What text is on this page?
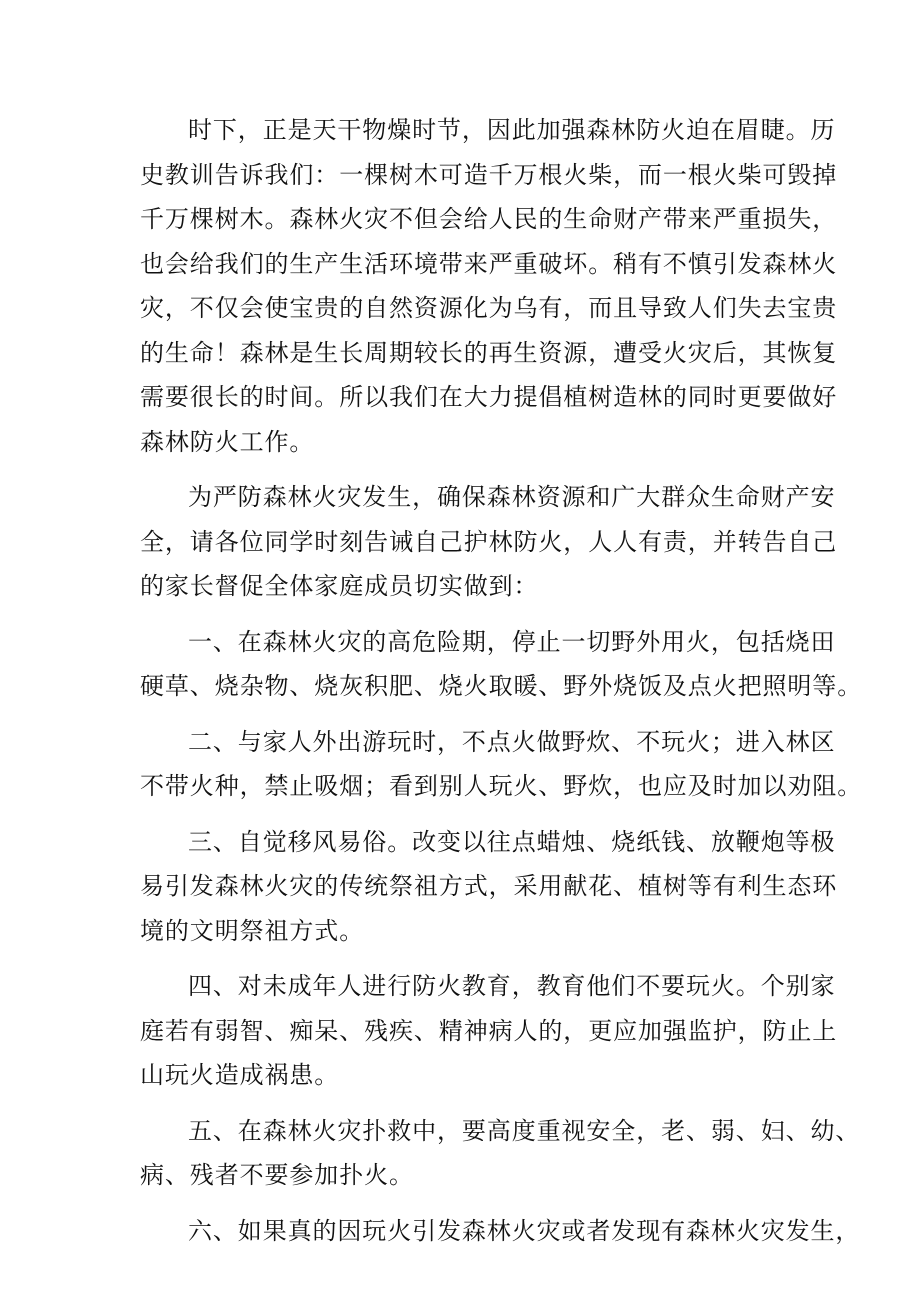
时下，正是天干物燥时节，因此加强森林防火迫在眉睫。历
史教训告诉我们：一棵树木可造千万根火柴，而一根火柴可毁掉
千万棵树木。森林火灾不但会给人民的生命财产带来严重损失，
也会给我们的生产生活环境带来严重破坏。稍有不慎引发森林火
灾，不仅会使宝贵的自然资源化为乌有，而且导致人们失去宝贵
的生命！森林是生长周期较长的再生资源，遭受火灾后，其恢复
需要很长的时间。所以我们在大力提倡植树造林的同时更要做好
森林防火工作。

为严防森林火灾发生，确保森林资源和广大群众生命财产安
全，请各位同学时刻告诫自己护林防火，人人有责，并转告自己
的家长督促全体家庭成员切实做到：

一、在森林火灾的高危险期，停止一切野外用火，包括烧田
硬草、烧杂物、烧灰积肥、烧火取暖、野外烧饭及点火把照明等。

二、与家人外出游玩时，不点火做野炊、不玩火；进入林区
不带火种，禁止吸烟；看到别人玩火、野炊，也应及时加以劝阻。

三、自觉移风易俗。改变以往点蜡烛、烧纸钱、放鞭炮等极
易引发森林火灾的传统祭祖方式，采用献花、植树等有利生态环
境的文明祭祖方式。

四、对未成年人进行防火教育，教育他们不要玩火。个别家
庭若有弱智、痴呆、残疾、精神病人的，更应加强监护，防止上
山玩火造成祸患。

五、在森林火灾扑救中，要高度重视安全，老、弱、妇、幼、
病、残者不要参加扑火。

六、如果真的因玩火引发森林火灾或者发现有森林火灾发生，
